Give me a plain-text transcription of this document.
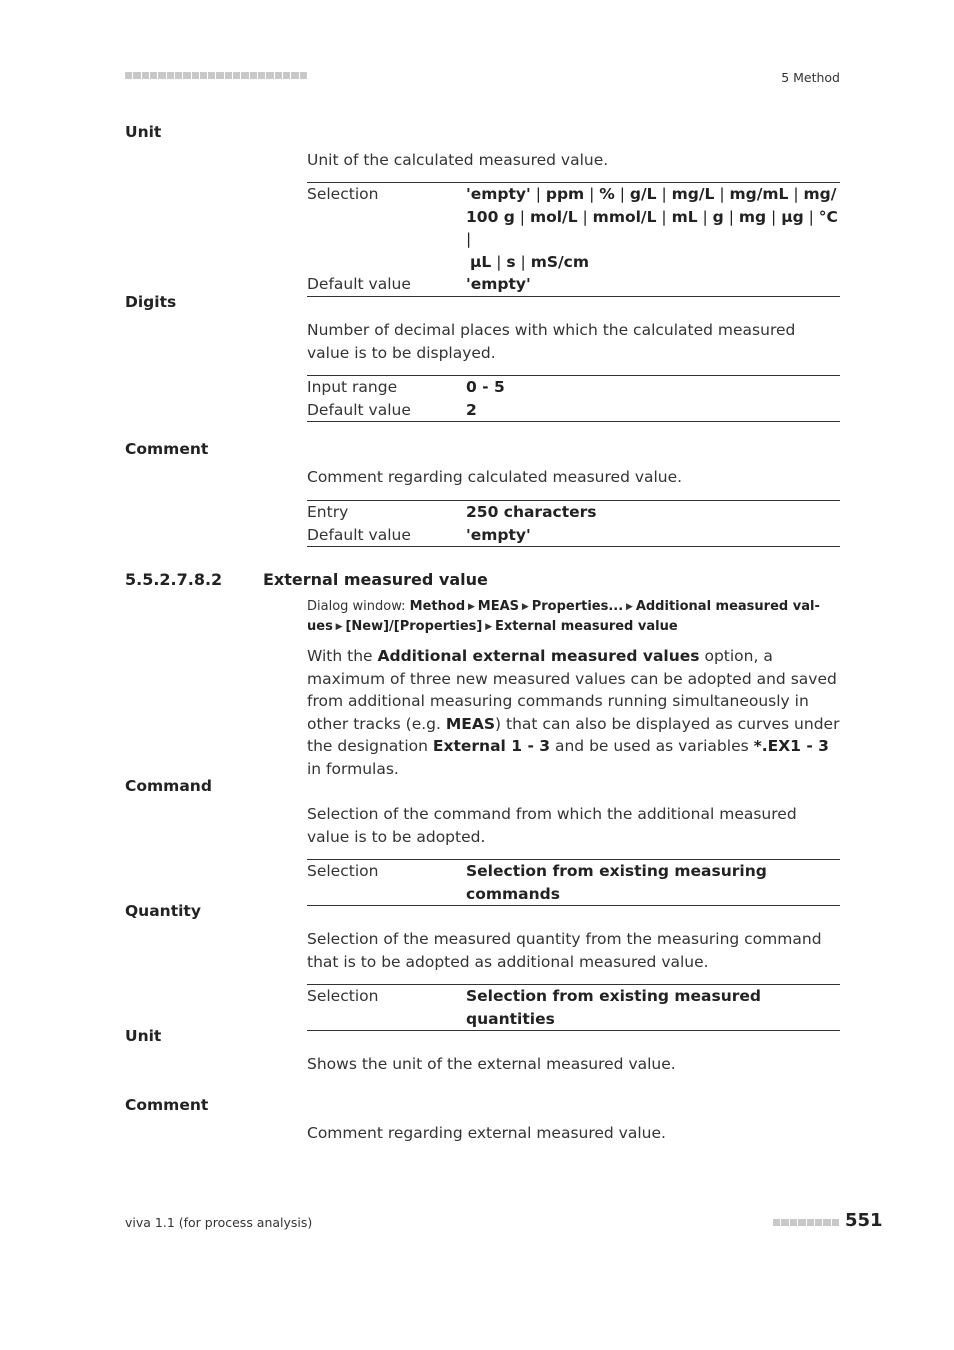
5 Method
Unit
Unit of the calculated measured value.
Selection	'empty' | ppm | % | g/L | mg/L | mg/mL | mg/
100 g | mol/L | mmol/L | mL | g | mg | µg | °C |
µL | s | mS/cm
Default value	'empty'
Digits
Number of decimal places with which the calculated measured value is to be displayed.
Input range	0 - 5
Default value	2
Comment
Comment regarding calculated measured value.
Entry	250 characters
Default value	'empty'
5.5.2.7.8.2	External measured value
Dialog window: Method ▶ MEAS ▶ Properties... ▶ Additional measured val-
ues ▶ [New]/[Properties] ▶ External measured value
With the Additional external measured values option, a maximum of three new measured values can be adopted and saved from additional measuring commands running simultaneously in other tracks (e.g. MEAS) that can also be displayed as curves under the designation External 1 - 3 and be used as variables *.EX1 - 3 in formulas.
Command
Selection of the command from which the additional measured value is to be adopted.
Selection	Selection from existing measuring commands
Quantity
Selection of the measured quantity from the measuring command that is to be adopted as additional measured value.
Selection	Selection from existing measured quantities
Unit
Shows the unit of the external measured value.
Comment
Comment regarding external measured value.
viva 1.1 (for process analysis)	551
